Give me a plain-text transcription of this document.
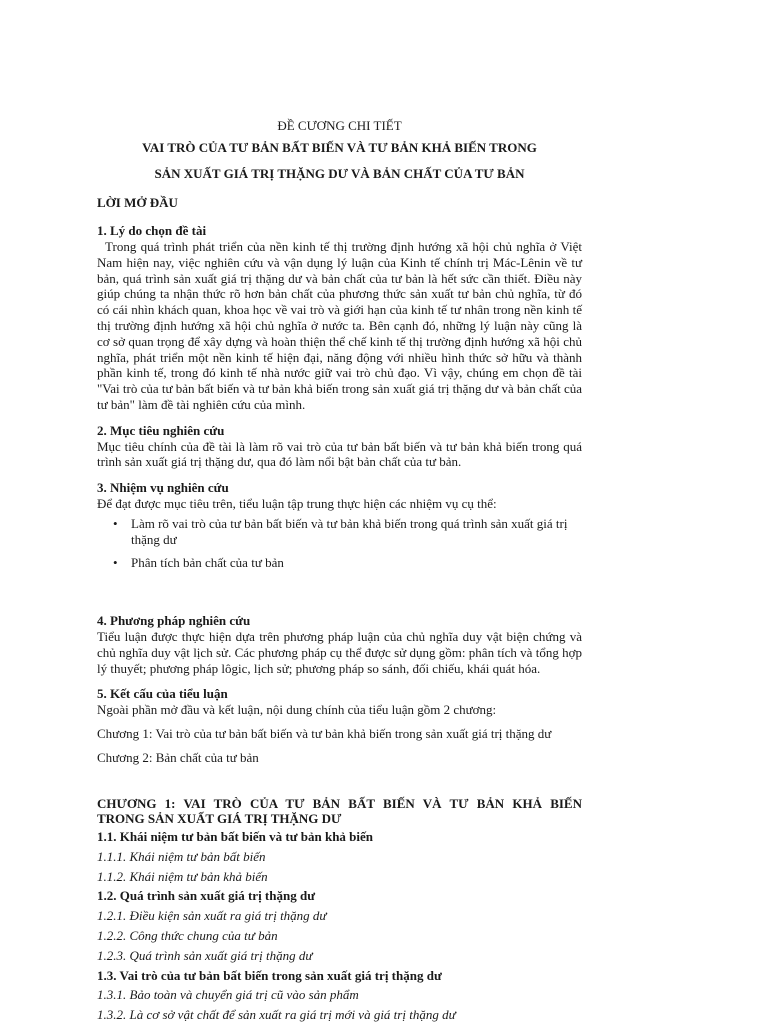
ĐỀ CƯƠNG CHI TIẾT
VAI TRÒ CỦA TƯ BẢN BẤT BIẾN VÀ TƯ BẢN KHẢ BIẾN TRONG
SẢN XUẤT GIÁ TRỊ THẶNG DƯ VÀ BẢN CHẤT CỦA TƯ BẢN
LỜI MỞ ĐẦU
1. Lý do chọn đề tài

Trong quá trình phát triển của nền kinh tế thị trường định hướng xã hội chủ nghĩa ở Việt Nam hiện nay, việc nghiên cứu và vận dụng lý luận của Kinh tế chính trị Mác-Lênin về tư bản, quá trình sản xuất giá trị thặng dư và bản chất của tư bản là hết sức cần thiết. Điều này giúp chúng ta nhận thức rõ hơn bản chất của phương thức sản xuất tư bản chủ nghĩa, từ đó có cái nhìn khách quan, khoa học về vai trò và giới hạn của kinh tế tư nhân trong nền kinh tế thị trường định hướng xã hội chủ nghĩa ở nước ta. Bên cạnh đó, những lý luận này cũng là cơ sở quan trọng để xây dựng và hoàn thiện thể chế kinh tế thị trường định hướng xã hội chủ nghĩa, phát triển một nền kinh tế hiện đại, năng động với nhiều hình thức sở hữu và thành phần kinh tế, trong đó kinh tế nhà nước giữ vai trò chủ đạo. Vì vậy, chúng em chọn đề tài "Vai trò của tư bản bất biến và tư bản khả biến trong sản xuất giá trị thặng dư và bản chất của tư bản" làm đề tài nghiên cứu của mình.

2. Mục tiêu nghiên cứu

Mục tiêu chính của đề tài là làm rõ vai trò của tư bản bất biến và tư bản khả biến trong quá trình sản xuất giá trị thặng dư, qua đó làm nổi bật bản chất của tư bản.

3. Nhiệm vụ nghiên cứu

Để đạt được mục tiêu trên, tiểu luận tập trung thực hiện các nhiệm vụ cụ thể:

•	Làm rõ vai trò của tư bản bất biến và tư bản khả biến trong quá trình sản xuất giá trị thặng dư
•	Phân tích bản chất của tư bản
4. Phương pháp nghiên cứu

Tiểu luận được thực hiện dựa trên phương pháp luận của chủ nghĩa duy vật biện chứng và chủ nghĩa duy vật lịch sử. Các phương pháp cụ thể được sử dụng gồm: phân tích và tổng hợp lý thuyết; phương pháp lôgic, lịch sử; phương pháp so sánh, đối chiếu, khái quát hóa.

5. Kết cấu của tiểu luận

Ngoài phần mở đầu và kết luận, nội dung chính của tiểu luận gồm 2 chương:

Chương 1: Vai trò của tư bản bất biến và tư bản khả biến trong sản xuất giá trị thặng dư

Chương 2: Bản chất của tư bản

CHƯƠNG 1: VAI TRÒ CỦA TƯ BẢN BẤT BIẾN VÀ TƯ BẢN KHẢ BIẾN
TRONG SẢN XUẤT GIÁ TRỊ THẶNG DƯ
1.1. Khái niệm tư bản bất biến và tư bản khả biến
1.1.1. Khái niệm tư bản bất biến
1.1.2. Khái niệm tư bản khả biến
1.2. Quá trình sản xuất giá trị thặng dư
1.2.1. Điều kiện sản xuất ra giá trị thặng dư
1.2.2. Công thức chung của tư bản
1.2.3. Quá trình sản xuất giá trị thặng dư
1.3. Vai trò của tư bản bất biến trong sản xuất giá trị thặng dư
1.3.1. Bảo toàn và chuyển giá trị cũ vào sản phẩm
1.3.2. Là cơ sở vật chất để sản xuất ra giá trị mới và giá trị thặng dư
